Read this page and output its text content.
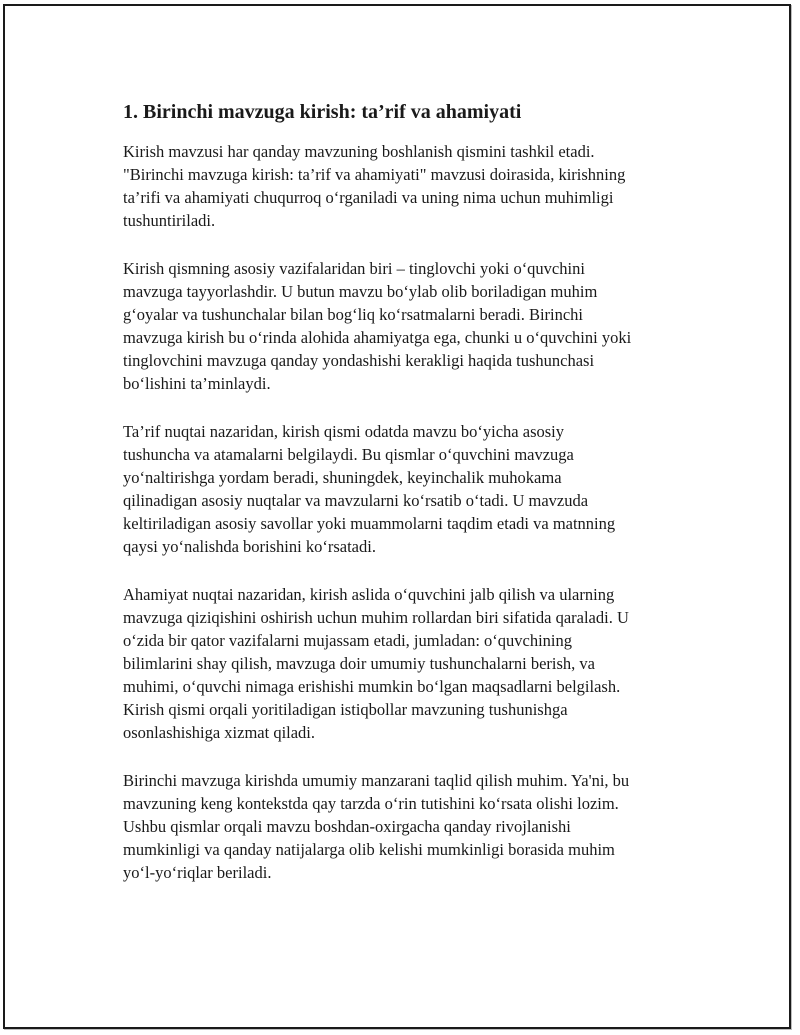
1. Birinchi mavzuga kirish: ta’rif va ahamiyati

Kirish mavzusi har qanday mavzuning boshlanish qismini tashkil etadi.
"Birinchi mavzuga kirish: ta’rif va ahamiyati" mavzusi doirasida, kirishning
ta’rifi va ahamiyati chuqurroq o‘rganiladi va uning nima uchun muhimligi
tushuntiriladi.

Kirish qismning asosiy vazifalaridan biri – tinglovchi yoki o‘quvchini
mavzuga tayyorlashdir. U butun mavzu bo‘ylab olib boriladigan muhim
g‘oyalar va tushunchalar bilan bog‘liq ko‘rsatmalarni beradi. Birinchi
mavzuga kirish bu o‘rinda alohida ahamiyatga ega, chunki u o‘quvchini yoki
tinglovchini mavzuga qanday yondashishi kerakligi haqida tushunchasi
bo‘lishini ta’minlaydi.

Ta’rif nuqtai nazaridan, kirish qismi odatda mavzu bo‘yicha asosiy
tushuncha va atamalarni belgilaydi. Bu qismlar o‘quvchini mavzuga
yo‘naltirishga yordam beradi, shuningdek, keyinchalik muhokama
qilinadigan asosiy nuqtalar va mavzularni ko‘rsatib o‘tadi. U mavzuda
keltiriladigan asosiy savollar yoki muammolarni taqdim etadi va matnning
qaysi yo‘nalishda borishini ko‘rsatadi.

Ahamiyat nuqtai nazaridan, kirish aslida o‘quvchini jalb qilish va ularning
mavzuga qiziqishini oshirish uchun muhim rollardan biri sifatida qaraladi. U
o‘zida bir qator vazifalarni mujassam etadi, jumladan: o‘quvchining
bilimlarini shay qilish, mavzuga doir umumiy tushunchalarni berish, va
muhimi, o‘quvchi nimaga erishishi mumkin bo‘lgan maqsadlarni belgilash.
Kirish qismi orqali yoritiladigan istiqbollar mavzuning tushunishga
osonlashishiga xizmat qiladi.

Birinchi mavzuga kirishda umumiy manzarani taqlid qilish muhim. Ya'ni, bu
mavzuning keng kontekstda qay tarzda o‘rin tutishini ko‘rsata olishi lozim.
Ushbu qismlar orqali mavzu boshdan-oxirgacha qanday rivojlanishi
mumkinligi va qanday natijalarga olib kelishi mumkinligi borasida muhim
yo‘l-yo‘riqlar beriladi.
